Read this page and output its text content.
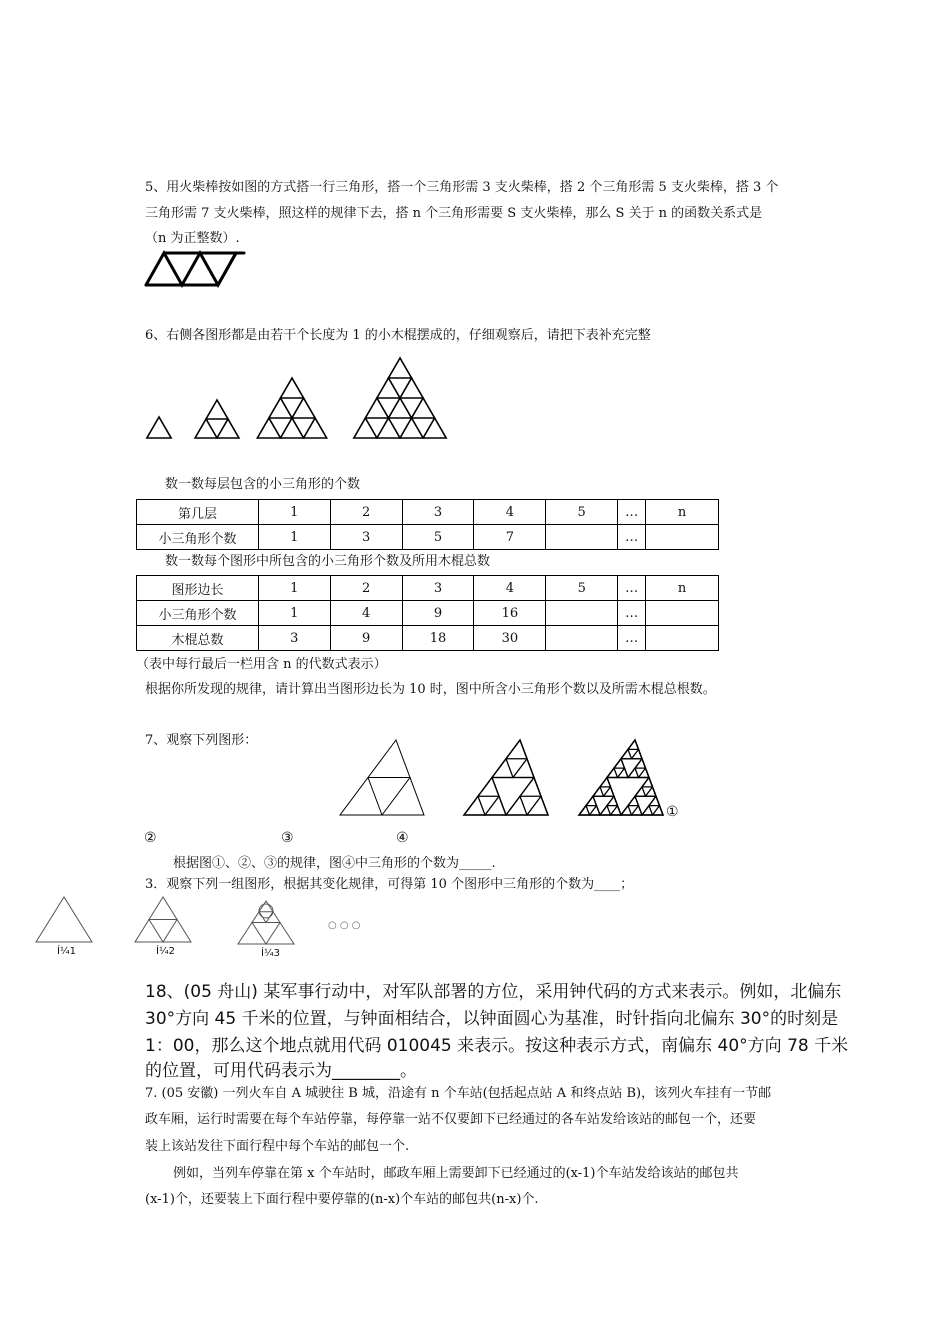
5、用火柴棒按如图的方式搭一行三角形，搭一个三角形需 3 支火柴棒，搭 2 个三角形需 5 支火柴棒，搭 3 个
三角形需 7 支火柴棒，照这样的规律下去，搭 n 个三角形需要 S 支火柴棒，那么 S 关于 n 的函数关系式是
（n 为正整数）.
6、右侧各图形都是由若干个长度为 1 的小木棍摆成的，仔细观察后，请把下表补充完整
数一数每层包含的小三角形的个数
第几层	1	2	3	4	5	…	n
小三角形个数	1	3	5	7		…	
数一数每个图形中所包含的小三角形个数及所用木棍总数
图形边长	1	2	3	4	5	…	n
小三角形个数	1	4	9	16		…	
木棍总数	3	9	18	30		…	
（表中每行最后一栏用含 n 的代数式表示）
根据你所发现的规律，请计算出当图形边长为 10 时，图中所含小三角形个数以及所需木棍总根数。
7、观察下列图形：
①
②	③	④
根据图①、②、③的规律，图④中三角形的个数为_____.
3．观察下列一组图形，根据其变化规律，可得第 10 个图形中三角形的个数为____；
Í¼1	Í¼2	Í¼3
○ ○ ○
18、(05 舟山) 某军事行动中，对军队部署的方位，采用钟代码的方式来表示。例如，北偏东
30°方向 45 千米的位置，与钟面相结合，以钟面圆心为基准，时针指向北偏东 30°的时刻是
1：00，那么这个地点就用代码 010045 来表示。按这种表示方式，南偏东 40°方向 78 千米
的位置，可用代码表示为________。
7. (05 安徽) 一列火车自 A 城驶往 B 城，沿途有 n 个车站(包括起点站 A 和终点站 B)，该列火车挂有一节邮
政车厢，运行时需要在每个车站停靠，每停靠一站不仅要卸下已经通过的各车站发给该站的邮包一个，还要
装上该站发往下面行程中每个车站的邮包一个.
例如，当列车停靠在第 x 个车站时，邮政车厢上需要卸下已经通过的(x-1)个车站发给该站的邮包共
(x-1)个，还要装上下面行程中要停靠的(n-x)个车站的邮包共(n-x)个.
